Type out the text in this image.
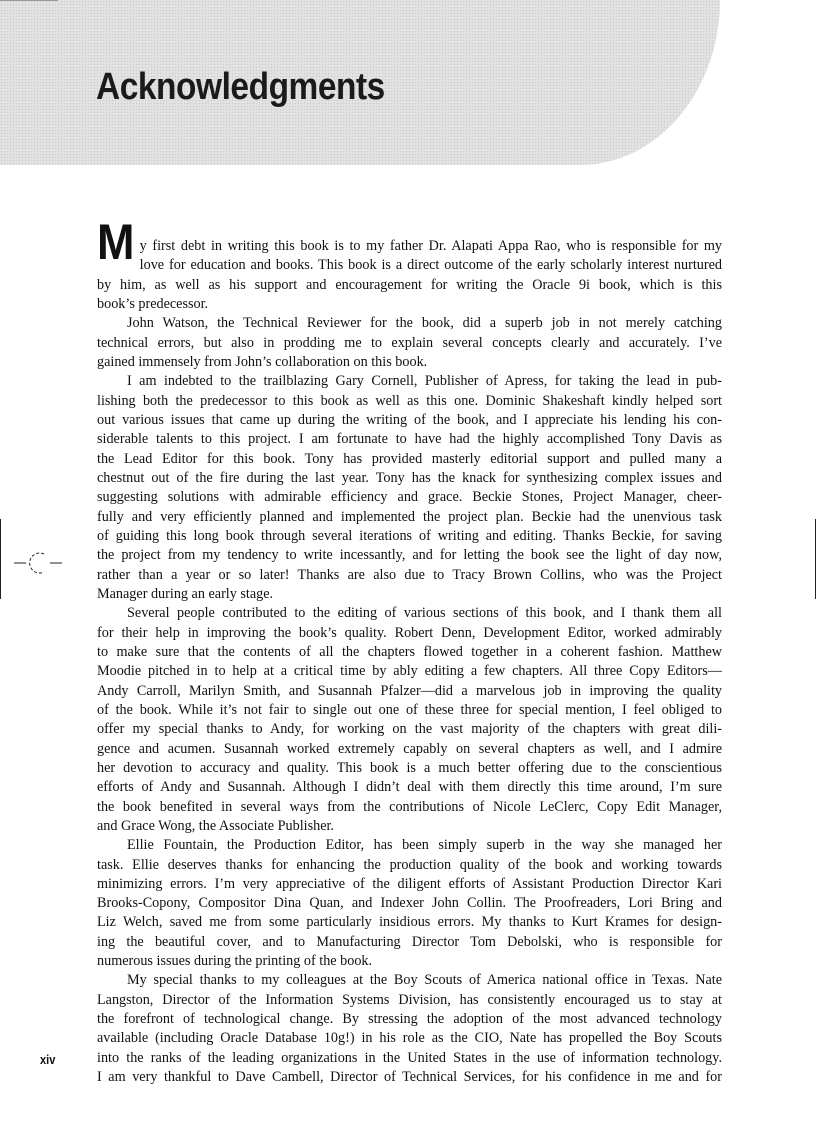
Acknowledgments
M y first debt in writing this book is to my father Dr. Alapati Appa Rao, who is responsible for my
love for education and books. This book is a direct outcome of the early scholarly interest nurtured
by him, as well as his support and encouragement for writing the Oracle 9i book, which is this
book’s predecessor.
John Watson, the Technical Reviewer for the book, did a superb job in not merely catching
technical errors, but also in prodding me to explain several concepts clearly and accurately. I’ve
gained immensely from John’s collaboration on this book.
I am indebted to the trailblazing Gary Cornell, Publisher of Apress, for taking the lead in pub-
lishing both the predecessor to this book as well as this one. Dominic Shakeshaft kindly helped sort
out various issues that came up during the writing of the book, and I appreciate his lending his con-
siderable talents to this project. I am fortunate to have had the highly accomplished Tony Davis as
the Lead Editor for this book. Tony has provided masterly editorial support and pulled many a
chestnut out of the fire during the last year. Tony has the knack for synthesizing complex issues and
suggesting solutions with admirable efficiency and grace. Beckie Stones, Project Manager, cheer-
fully and very efficiently planned and implemented the project plan. Beckie had the unenvious task
of guiding this long book through several iterations of writing and editing. Thanks Beckie, for saving
the project from my tendency to write incessantly, and for letting the book see the light of day now,
rather than a year or so later! Thanks are also due to Tracy Brown Collins, who was the Project
Manager during an early stage.
Several people contributed to the editing of various sections of this book, and I thank them all
for their help in improving the book’s quality. Robert Denn, Development Editor, worked admirably
to make sure that the contents of all the chapters flowed together in a coherent fashion. Matthew
Moodie pitched in to help at a critical time by ably editing a few chapters. All three Copy Editors—
Andy Carroll, Marilyn Smith, and Susannah Pfalzer—did a marvelous job in improving the quality
of the book. While it’s not fair to single out one of these three for special mention, I feel obliged to
offer my special thanks to Andy, for working on the vast majority of the chapters with great dili-
gence and acumen. Susannah worked extremely capably on several chapters as well, and I admire
her devotion to accuracy and quality. This book is a much better offering due to the conscientious
efforts of Andy and Susannah. Although I didn’t deal with them directly this time around, I’m sure
the book benefited in several ways from the contributions of Nicole LeClerc, Copy Edit Manager,
and Grace Wong, the Associate Publisher.
Ellie Fountain, the Production Editor, has been simply superb in the way she managed her
task. Ellie deserves thanks for enhancing the production quality of the book and working towards
minimizing errors. I’m very appreciative of the diligent efforts of Assistant Production Director Kari
Brooks-Copony, Compositor Dina Quan, and Indexer John Collin. The Proofreaders, Lori Bring and
Liz Welch, saved me from some particularly insidious errors. My thanks to Kurt Krames for design-
ing the beautiful cover, and to Manufacturing Director Tom Debolski, who is responsible for
numerous issues during the printing of the book.
My special thanks to my colleagues at the Boy Scouts of America national office in Texas. Nate
Langston, Director of the Information Systems Division, has consistently encouraged us to stay at
the forefront of technological change. By stressing the adoption of the most advanced technology
available (including Oracle Database 10g!) in his role as the CIO, Nate has propelled the Boy Scouts
into the ranks of the leading organizations in the United States in the use of information technology.
I am very thankful to Dave Cambell, Director of Technical Services, for his confidence in me and for
xiv
